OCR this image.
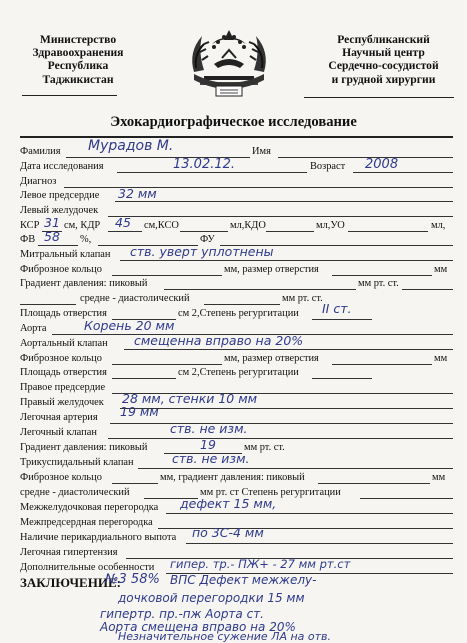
Министерство
Здравоохранения
Республика
Таджикистан
Республиканский
Научный центр
Сердечно-сосудистой
и грудной хирургии
Эхокардиографическое исследование
Фамилия	Имя
Мурадов М.
Дата исследования	Возраст
13.02.12.	2008
Диагноз
Левое предсердие 32 мм
Левый желудочек
КСР 31 см, КДР 45 см,КСО	мл,КДО	мл,УО	мл,
ФВ 58 %,	ФУ
Митральный клапан ств. уверт уплотнены
Фиброзное кольцо	мм, размер отверстия	мм
Градиент давления: пиковый	мм рт. ст.
средне - диастолический	мм рт. ст.
Площадь отверстия	см 2,Степень регургитации II ст.
Аорта	Корень 20 мм
Аортальный клапан смещенна вправо на 20%
Фиброзное кольцо	мм, размер отверстия	мм
Площадь отверстия	см 2,Степень регургитации
Правое предсердие
Правый желудочек 28 мм, стенки 10 мм
Легочная артерия 19 мм
Легочный клапан	ств. не изм.
Градиент давления: пиковый	19	мм рт. ст.
Трикуспидальный клапан	ств. не изм.
Фиброзное кольцо	мм, градиент давления: пиковый	мм
средне - диастолический	мм рт. ст Степень регургитации
Межжелудочковая перегородка дефект 15 мм,
Межпредсердная перегородка
Наличие перикардиального выпота по 3С-4 мм
Легочная гипертензия
Дополнительные особенности гипер. тр.- ПЖ+ - 27 мм рт.ст
ЗАКЛЮЧЕНИЕ:
№3 58% ВПС Дефект межжелу-
дочковой перегородки 15 мм
гипертр. пр.-пж Аорта ст.
Аорта смещена вправо на 20%
Незначительное сужение ЛА на отв.
